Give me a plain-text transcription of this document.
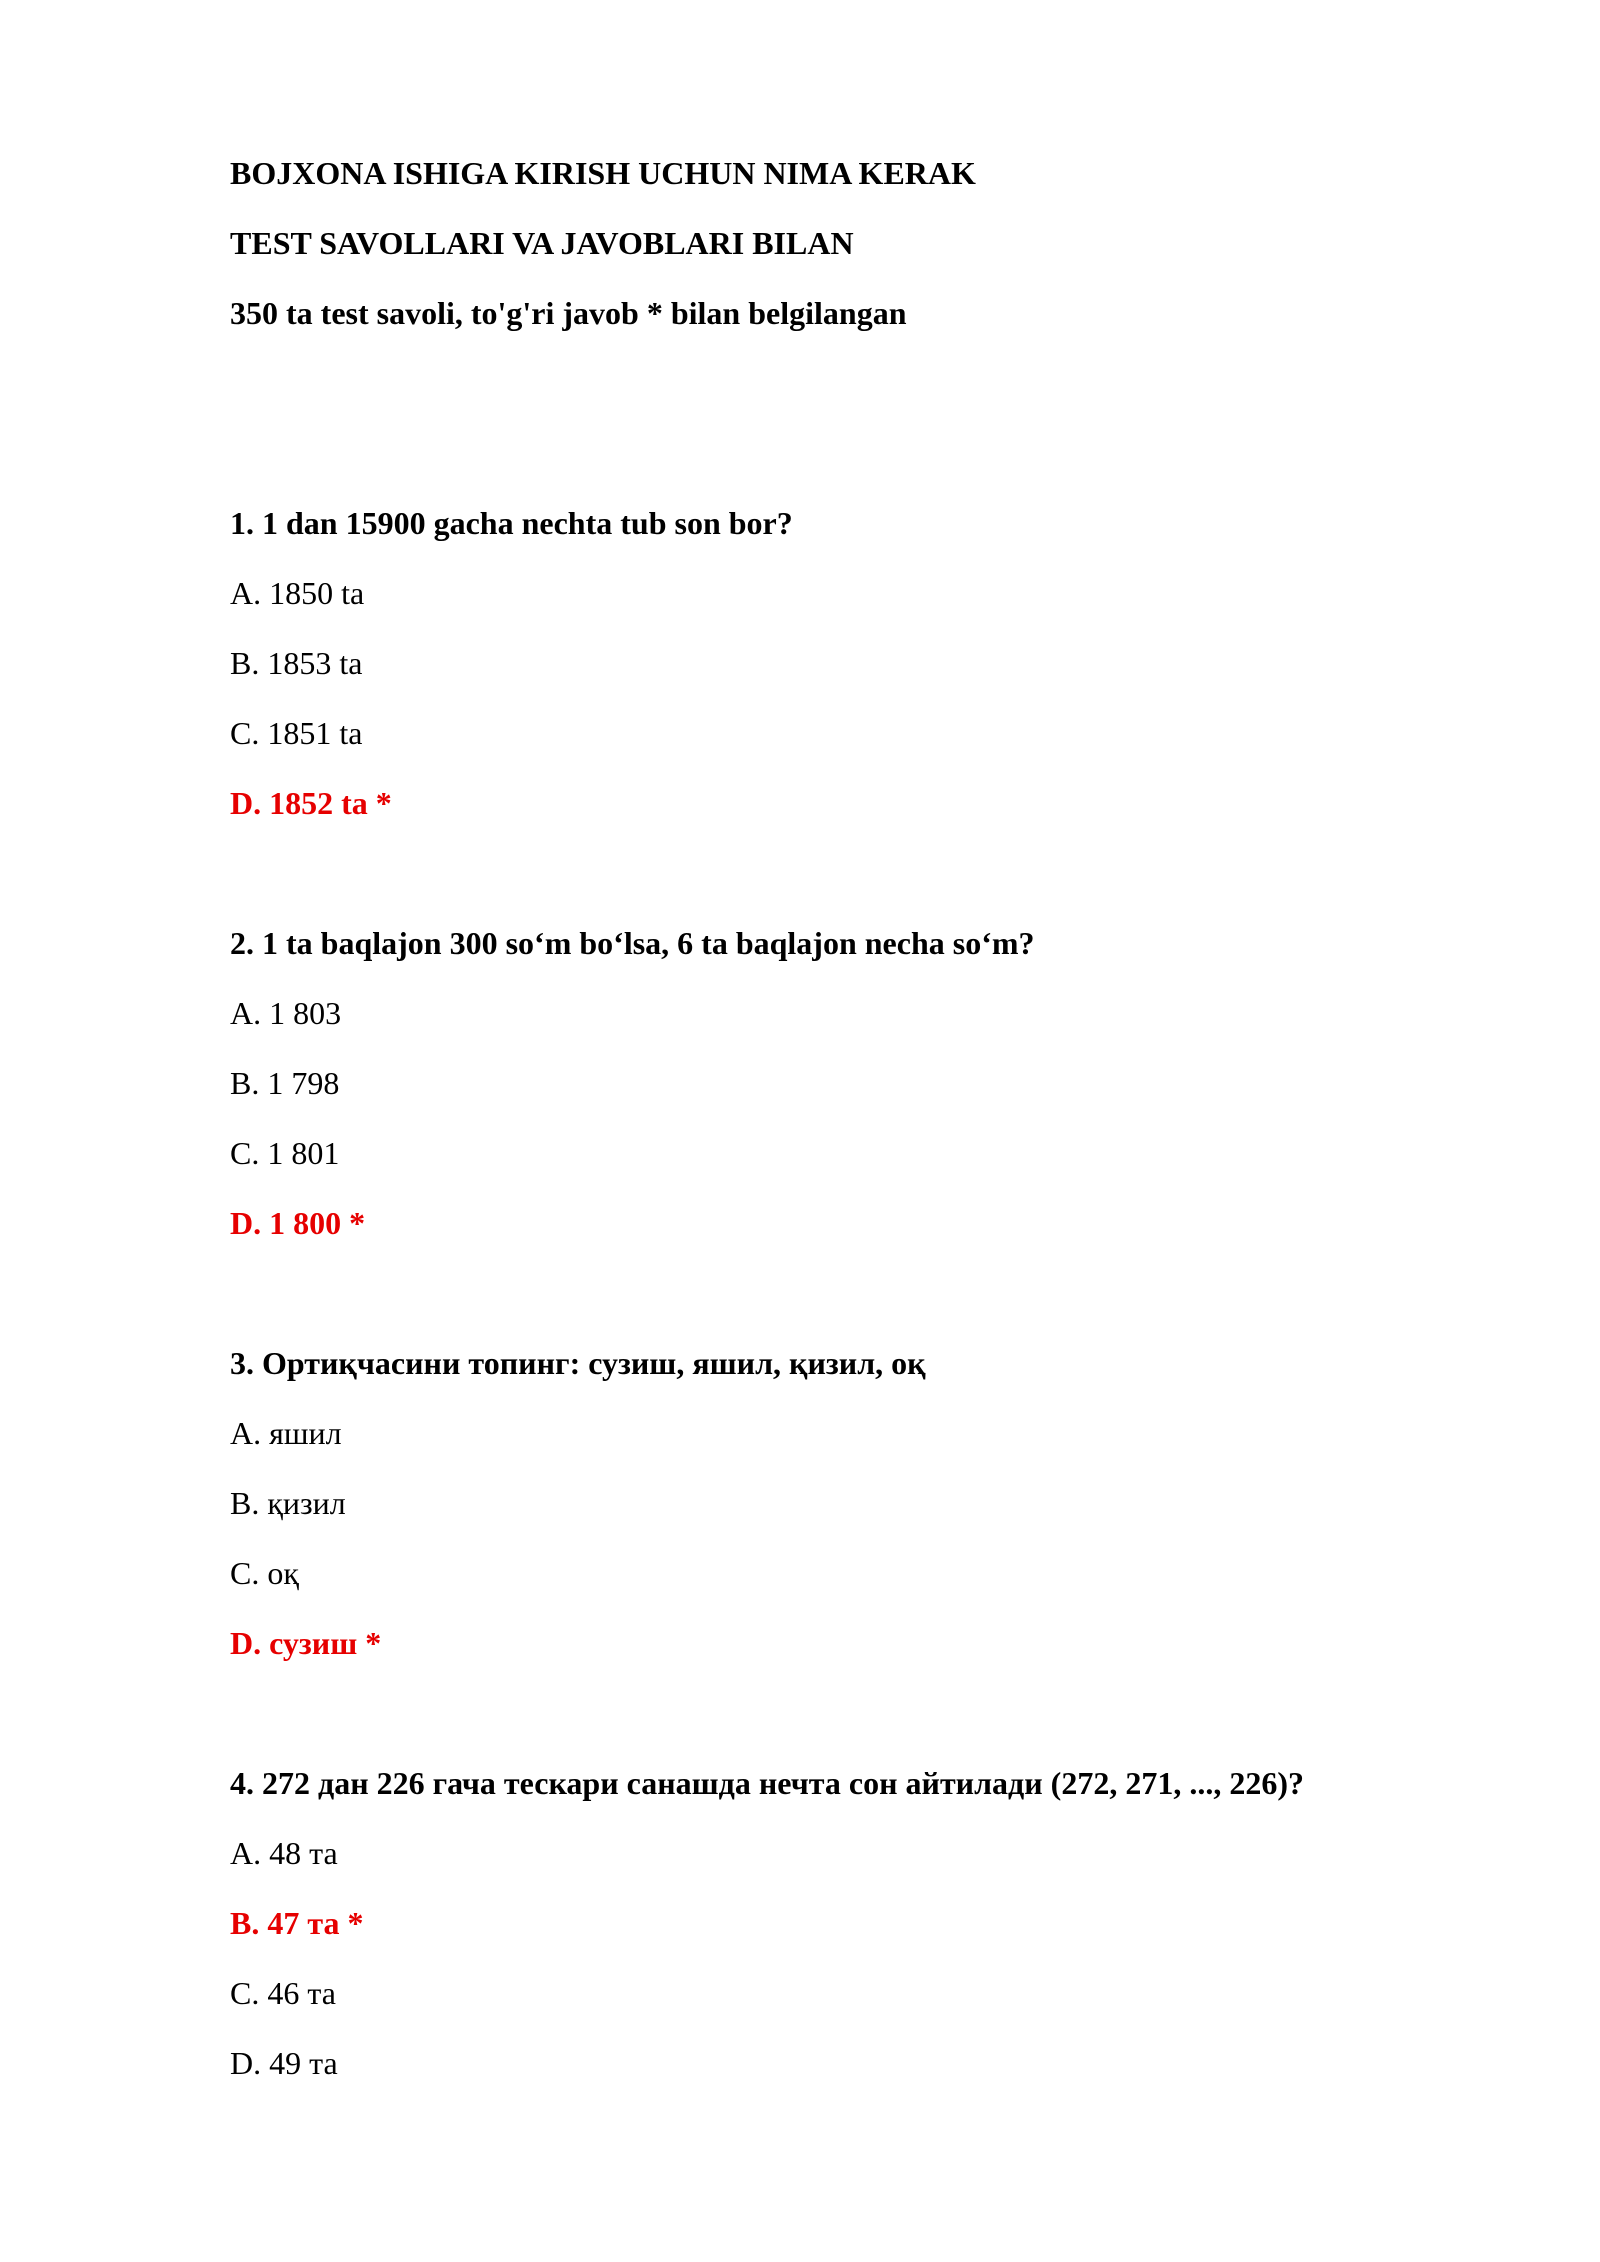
BOJXONA ISHIGA KIRISH UCHUN NIMA KERAK
TEST SAVOLLARI VA JAVOBLARI BILAN
350 ta test savoli, to'g'ri javob * bilan belgilangan
1. 1 dan 15900 gacha nechta tub son bor?
A. 1850 ta
B. 1853 ta
C. 1851 ta
D. 1852 ta *
2. 1 ta baqlajon 300 so‘m bo‘lsa, 6 ta baqlajon necha so‘m?
A. 1 803
B. 1 798
C. 1 801
D. 1 800 *
3. Ортиқчасини топинг: сузиш, яшил, қизил, оқ
A. яшил
B. қизил
C. оқ
D. сузиш *
4. 272 дан 226 гача тескари санашда нечта сон айтилади (272, 271, ..., 226)?
A. 48 та
B. 47 та *
C. 46 та
D. 49 та
